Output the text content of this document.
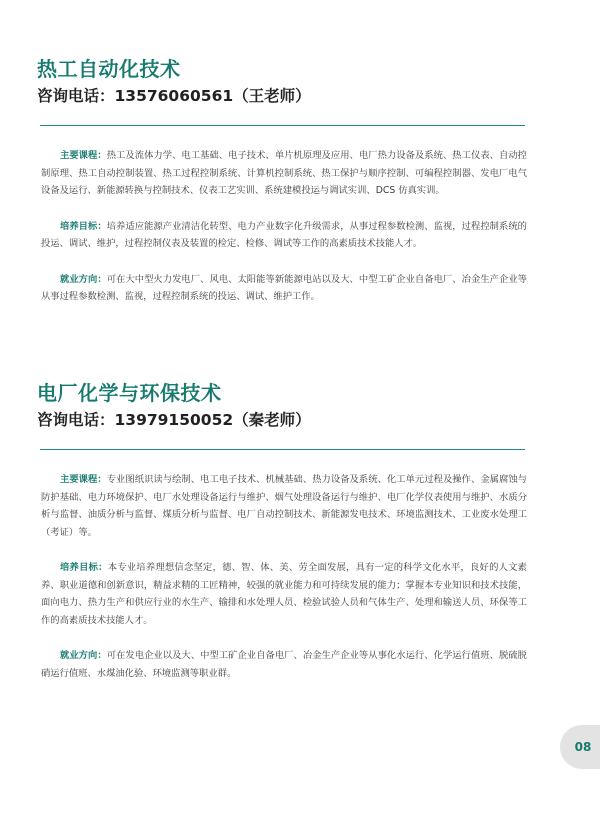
热工自动化技术

咨询电话：13576060561（王老师）

主要课程：热工及流体力学、电工基础、电子技术、单片机原理及应用、电厂热力设备及系统、热工仪表、自动控制原理、热工自动控制装置、热工过程控制系统、计算机控制系统、热工保护与顺序控制、可编程控制器、发电厂电气设备及运行、新能源转换与控制技术、仪表工艺实训、系统建模投运与调试实训、DCS 仿真实训。

培养目标：培养适应能源产业清洁化转型、电力产业数字化升级需求，从事过程参数检测、监视，过程控制系统的投运、调试、维护，过程控制仪表及装置的检定、检修、调试等工作的高素质技术技能人才。

就业方向：可在大中型火力发电厂、风电、太阳能等新能源电站以及大、中型工矿企业自备电厂、冶金生产企业等从事过程参数检测、监视，过程控制系统的投运、调试、维护工作。

电厂化学与环保技术

咨询电话：13979150052（秦老师）

主要课程：专业图纸识读与绘制、电工电子技术、机械基础、热力设备及系统、化工单元过程及操作、金属腐蚀与防护基础、电力环境保护、电厂水处理设备运行与维护、烟气处理设备运行与维护、电厂化学仪表使用与维护、水质分析与监督、油质分析与监督、煤质分析与监督、电厂自动控制技术、新能源发电技术、环境监测技术、工业废水处理工（考证）等。

培养目标：本专业培养理想信念坚定，德、智、体、美、劳全面发展，具有一定的科学文化水平，良好的人文素养、职业道德和创新意识，精益求精的工匠精神，较强的就业能力和可持续发展的能力；掌握本专业知识和技术技能，面向电力、热力生产和供应行业的水生产、输排和水处理人员、检验试验人员和气体生产、处理和输送人员、环保等工作的高素质技术技能人才。

就业方向：可在发电企业以及大、中型工矿企业自备电厂、冶金生产企业等从事化水运行、化学运行值班、脱硫脱硝运行值班、水煤油化验、环境监测等职业群。

08
